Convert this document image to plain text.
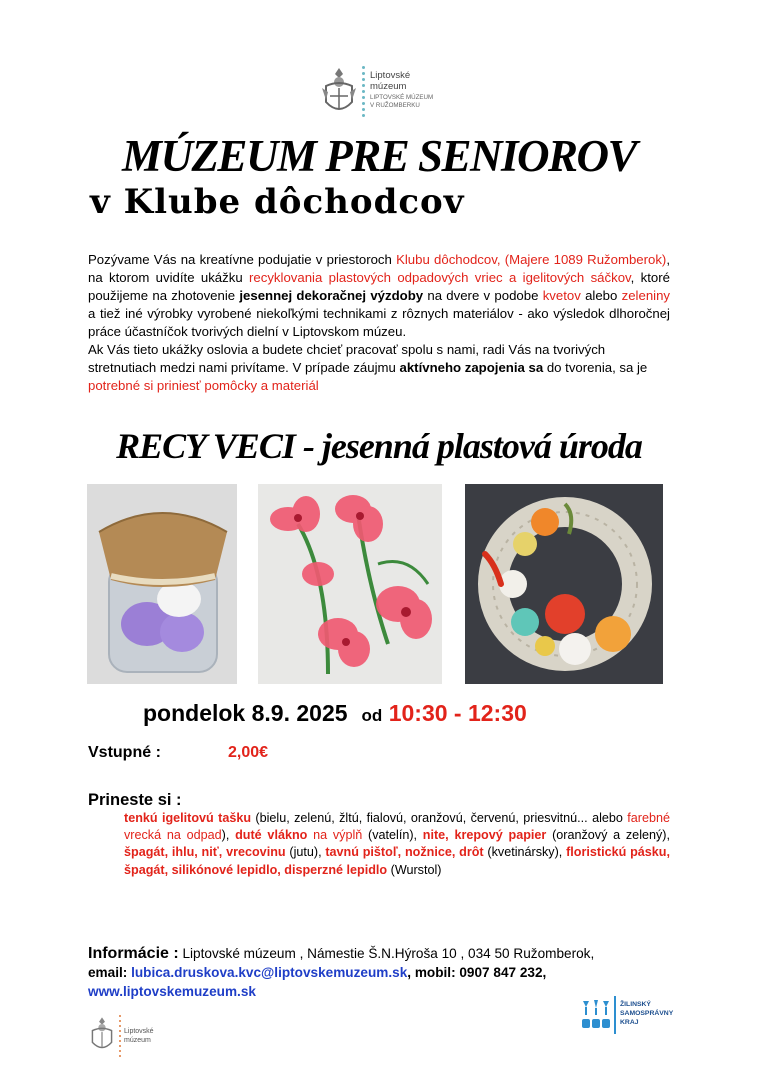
Liptovské
múzeum
LIPTOVSKÉ MÚZEUM
V RUŽOMBERKU
MÚZEUM PRE SENIOROV
v Klube dôchodcov

Pozývame Vás na kreatívne podujatie v priestoroch Klubu dôchodcov, (Majere 1089 Ružomberok), na ktorom uvidíte ukážku recyklovania plastových odpadových vriec a igelitových sáčkov, ktoré použijeme na zhotovenie jesennej dekoračnej výzdoby na dvere v podobe kvetov alebo zeleniny a tiež iné výrobky vyrobené niekoľkými technikami z rôznych materiálov - ako výsledok dlhoročnej práce účastníčok tvorivých dielní v Liptovskom múzeu.

Ak Vás tieto ukážky oslovia a budete chcieť pracovať spolu s nami, radi Vás na tvorivých stretnutiach medzi nami privítame. V prípade záujmu aktívneho zapojenia sa do tvorenia, sa je potrebné si priniesť pomôcky a materiál

RECY VECI - jesenná plastová úroda
pondelok 8.9. 2025 od 10:30 - 12:30
Vstupné :	2,00€
Prineste si :
tenkú igelitovú tašku (bielu, zelenú, žltú, fialovú, oranžovú, červenú, priesvitnú... alebo farebné vrecká na odpad), duté vlákno na výplň (vatelín), nite, krepový papier (oranžový a zelený), špagát, ihlu, niť, vrecovinu (jutu), tavnú pištoľ, nožnice, drôt (kvetinársky), floristickú pásku, špagát, silikónové lepidlo, disperzné lepidlo (Wurstol)
Informácie : Liptovské múzeum , Námestie Š.N.Hýroša 10 , 034 50 Ružomberok,
email: lubica.druskova.kvc@liptovskemuzeum.sk, mobil: 0907 847 232,
www.liptovskemuzeum.sk
Liptovské
múzeum
ŽILINSKÝ
SAMOSPRÁVNY
KRAJ
